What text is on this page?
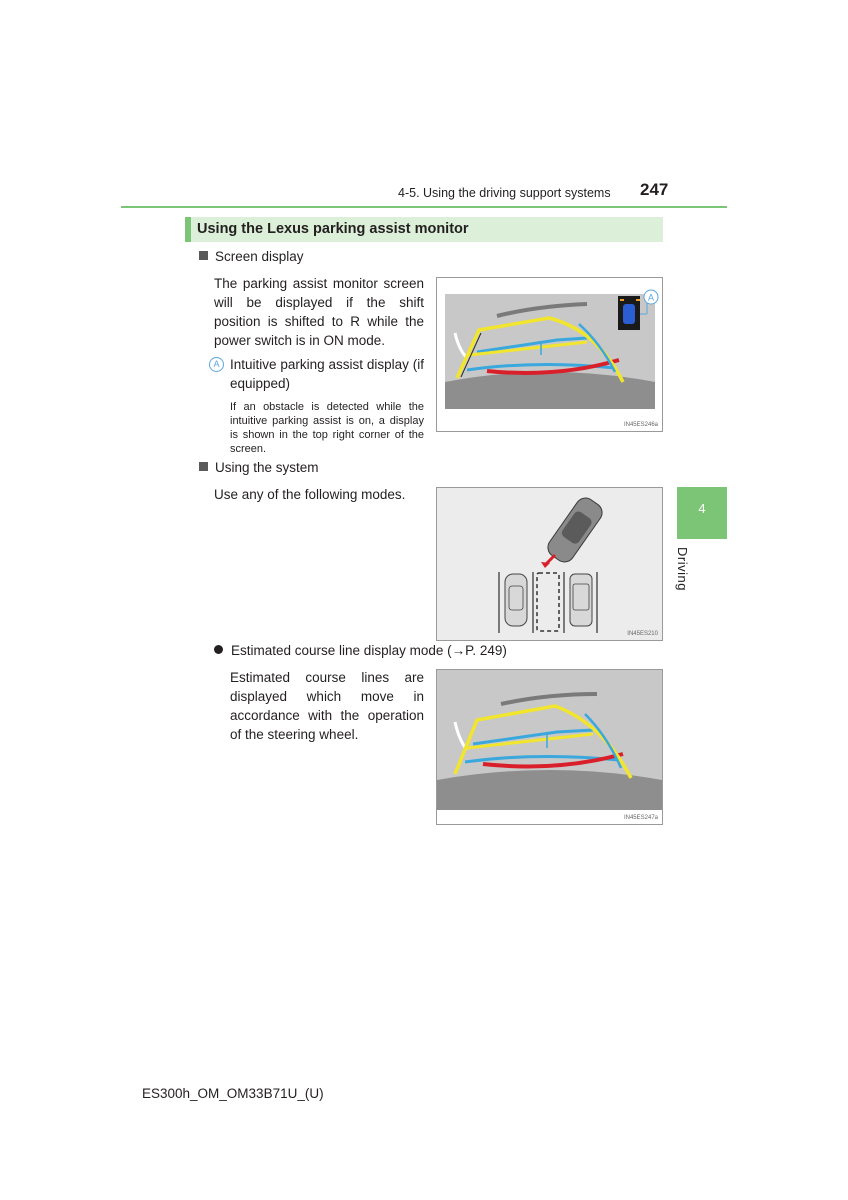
4-5. Using the driving support systems 247
Using the Lexus parking assist monitor
Screen display
The parking assist monitor screen will be displayed if the shift position is shifted to R while the power switch is in ON mode.
A Intuitive parking assist display (if equipped)
If an obstacle is detected while the intuitive parking assist is on, a display is shown in the top right corner of the screen.
A
IN45ES246a
Using the system
Use any of the following modes.
IN45ES210
Estimated course line display mode (→P. 249)
Estimated course lines are displayed which move in accordance with the operation of the steering wheel.
IN45ES247a
4
Driving
ES300h_OM_OM33B71U_(U)
